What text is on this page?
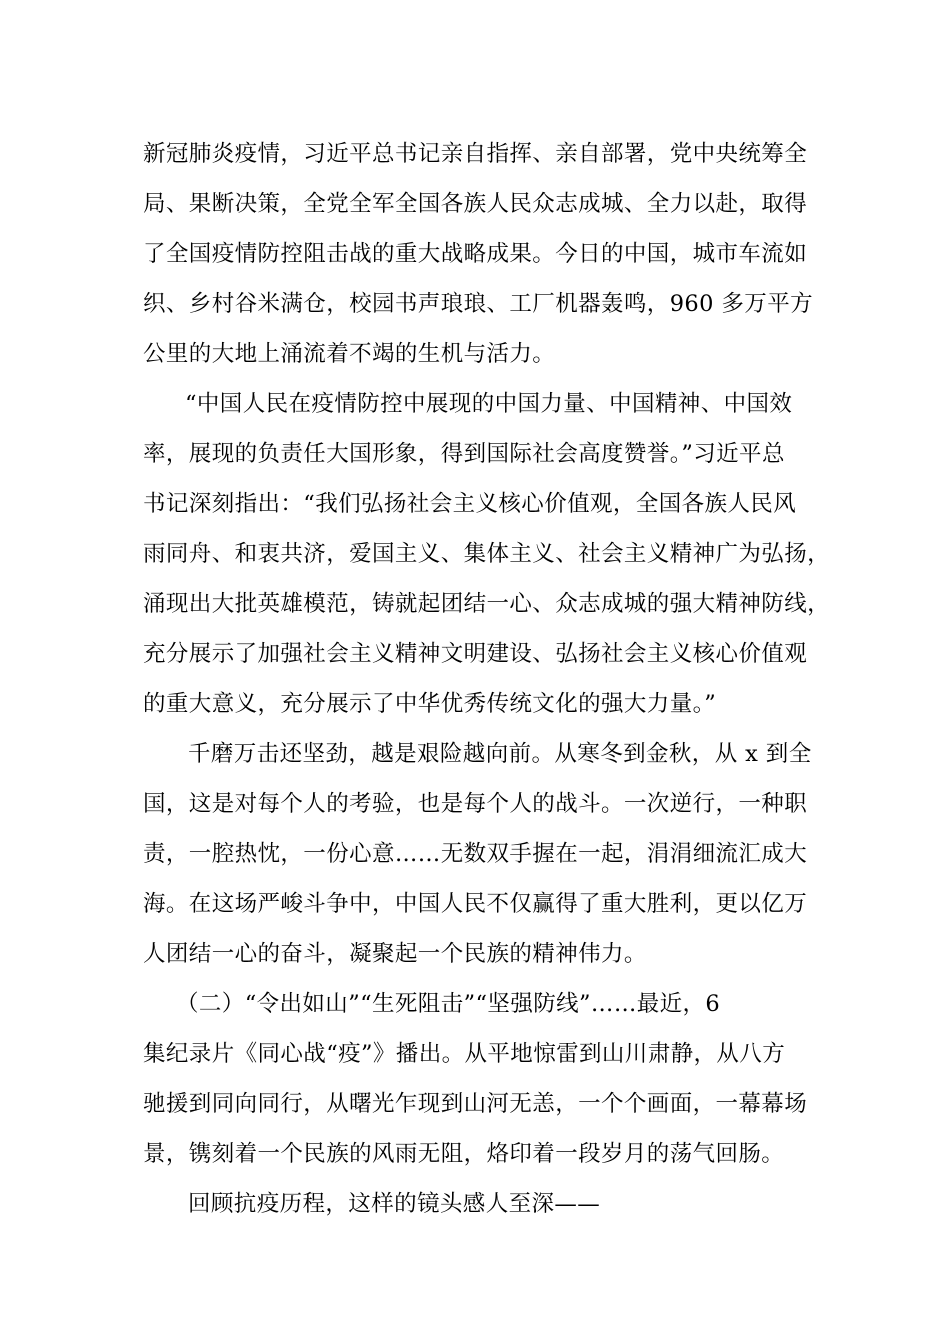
新冠肺炎疫情，习近平总书记亲自指挥、亲自部署，党中央统筹全
局、果断决策，全党全军全国各族人民众志成城、全力以赴，取得
了全国疫情防控阻击战的重大战略成果。今日的中国，城市车流如
织、乡村谷米满仓，校园书声琅琅、工厂机器轰鸣，960 多万平方
公里的大地上涌流着不竭的生机与活力。

“中国人民在疫情防控中展现的中国力量、中国精神、中国效
率，展现的负责任大国形象，得到国际社会高度赞誉。”习近平总
书记深刻指出：“我们弘扬社会主义核心价值观，全国各族人民风
雨同舟、和衷共济，爱国主义、集体主义、社会主义精神广为弘扬，
涌现出大批英雄模范，铸就起团结一心、众志成城的强大精神防线，
充分展示了加强社会主义精神文明建设、弘扬社会主义核心价值观
的重大意义，充分展示了中华优秀传统文化的强大力量。”

千磨万击还坚劲，越是艰险越向前。从寒冬到金秋，从 x 到全
国，这是对每个人的考验，也是每个人的战斗。一次逆行，一种职
责，一腔热忱，一份心意……无数双手握在一起，涓涓细流汇成大
海。在这场严峻斗争中，中国人民不仅赢得了重大胜利，更以亿万
人团结一心的奋斗，凝聚起一个民族的精神伟力。

（二）“令出如山”“生死阻击”“坚强防线”……最近，6
集纪录片《同心战“疫”》播出。从平地惊雷到山川肃静，从八方
驰援到同向同行，从曙光乍现到山河无恙，一个个画面，一幕幕场
景，镌刻着一个民族的风雨无阻，烙印着一段岁月的荡气回肠。

回顾抗疫历程，这样的镜头感人至深——
